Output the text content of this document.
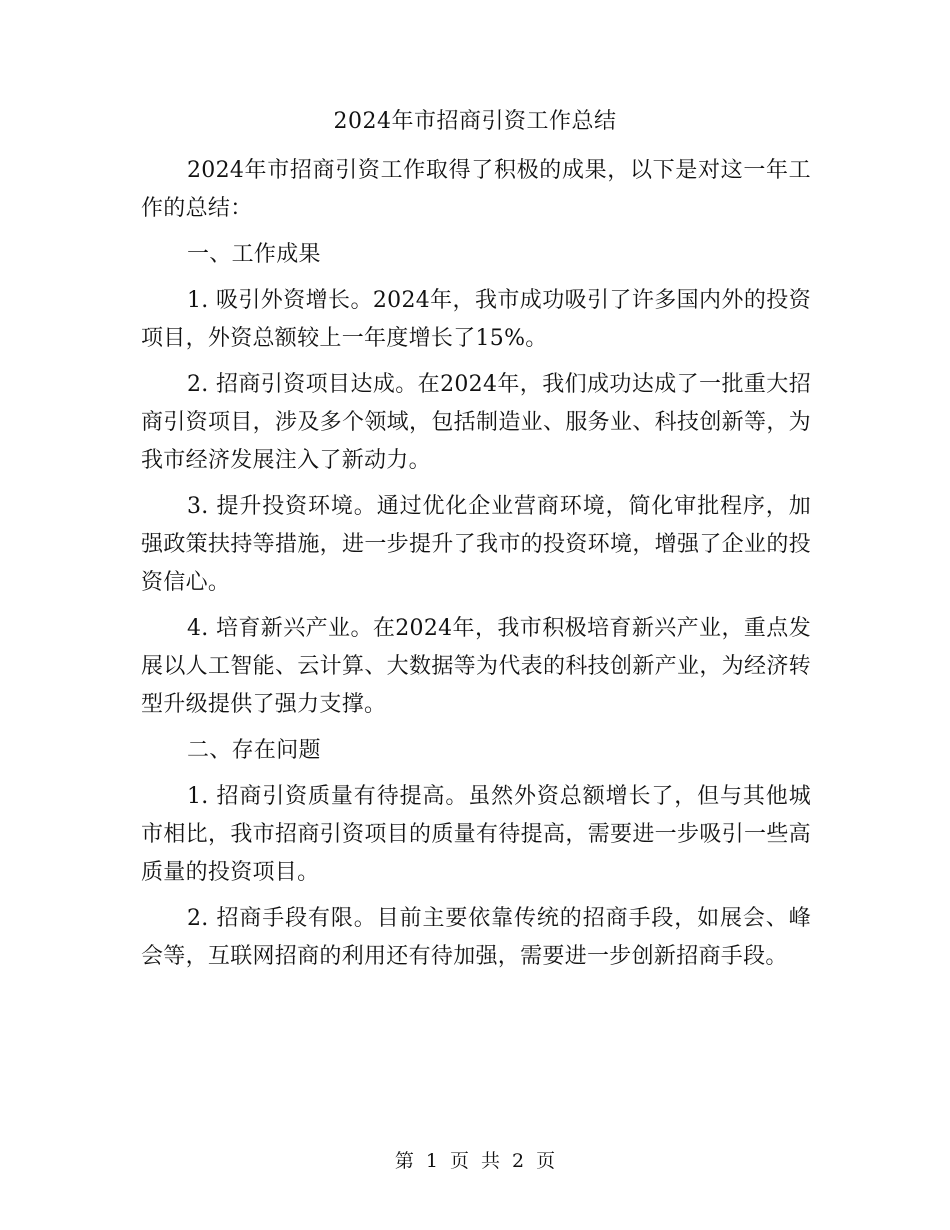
2024年市招商引资工作总结

2024年市招商引资工作取得了积极的成果，以下是对这一年工作的总结：

一、工作成果

1. 吸引外资增长。2024年，我市成功吸引了许多国内外的投资项目，外资总额较上一年度增长了15%。

2. 招商引资项目达成。在2024年，我们成功达成了一批重大招商引资项目，涉及多个领域，包括制造业、服务业、科技创新等，为我市经济发展注入了新动力。

3. 提升投资环境。通过优化企业营商环境，简化审批程序，加强政策扶持等措施，进一步提升了我市的投资环境，增强了企业的投资信心。

4. 培育新兴产业。在2024年，我市积极培育新兴产业，重点发展以人工智能、云计算、大数据等为代表的科技创新产业，为经济转型升级提供了强力支撑。

二、存在问题

1. 招商引资质量有待提高。虽然外资总额增长了，但与其他城市相比，我市招商引资项目的质量有待提高，需要进一步吸引一些高质量的投资项目。

2. 招商手段有限。目前主要依靠传统的招商手段，如展会、峰会等，互联网招商的利用还有待加强，需要进一步创新招商手段。

第 1 页 共 2 页
